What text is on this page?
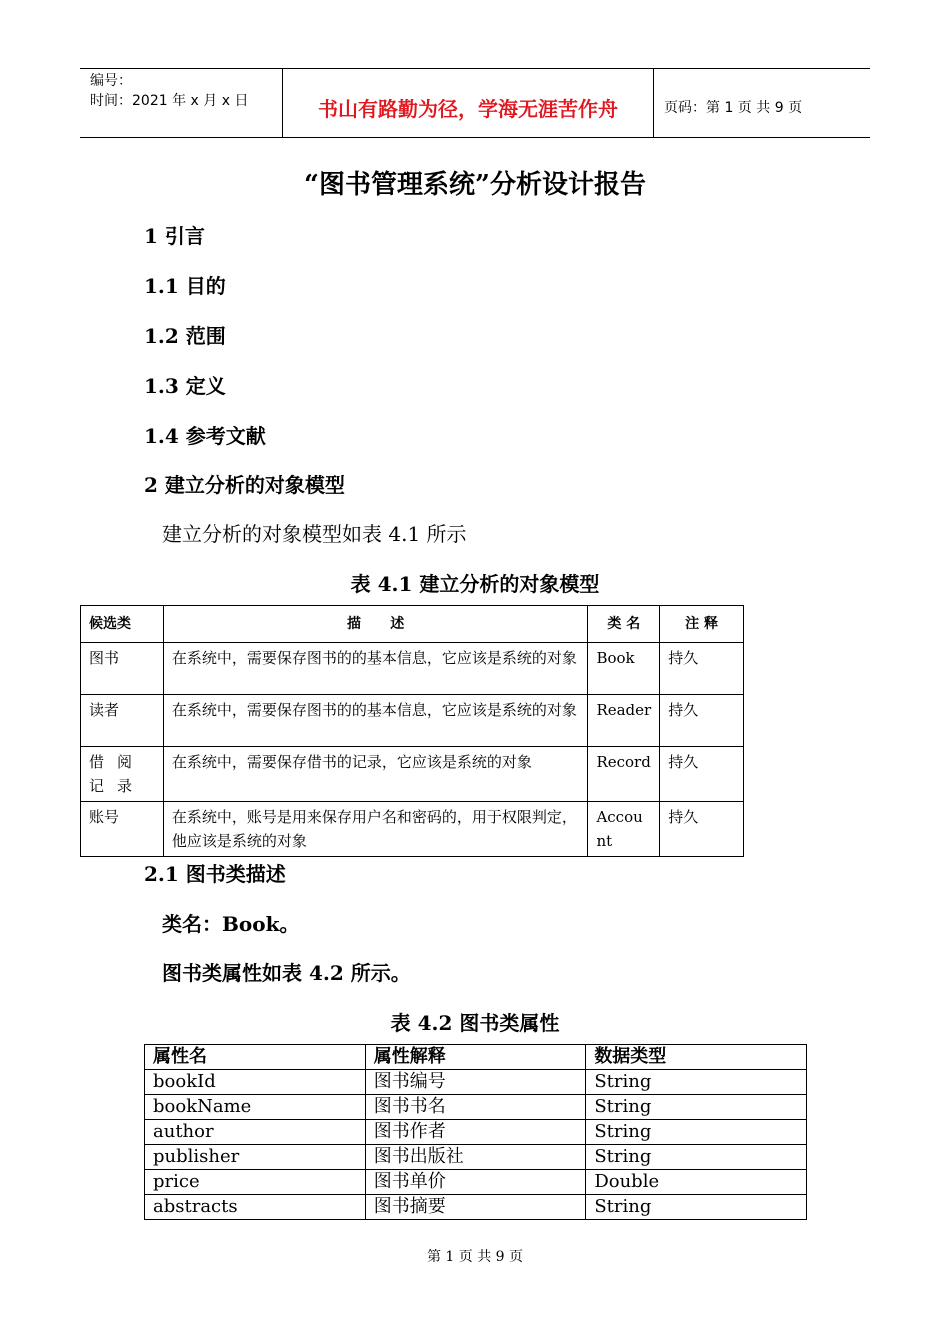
编号：
时间：2021 年 x 月 x 日	书山有路勤为径，学海无涯苦作舟	页码：第 1 页 共 9 页
“图书管理系统”分析设计报告
1 引言
1.1 目的
1.2 范围
1.3 定义
1.4 参考文献
2 建立分析的对象模型
建立分析的对象模型如表 4.1 所示
表 4.1 建立分析的对象模型
候选类	描      述	类 名	注 释
图书	在系统中，需要保存图书的的基本信息，它应该是系统的对象	Book	持久
读者	在系统中，需要保存图书的的基本信息，它应该是系统的对象	Reader	持久
借阅记录	在系统中，需要保存借书的记录，它应该是系统的对象	Record	持久
账号	在系统中，账号是用来保存用户名和密码的，用于权限判定，他应该是系统的对象	Account	持久
2.1 图书类描述
类名：Book。
图书类属性如表 4.2 所示。
表 4.2 图书类属性
属性名	属性解释	数据类型
bookId	图书编号	String
bookName	图书书名	String
author	图书作者	String
publisher	图书出版社	String
price	图书单价	Double
abstracts	图书摘要	String
第 1 页 共 9 页
